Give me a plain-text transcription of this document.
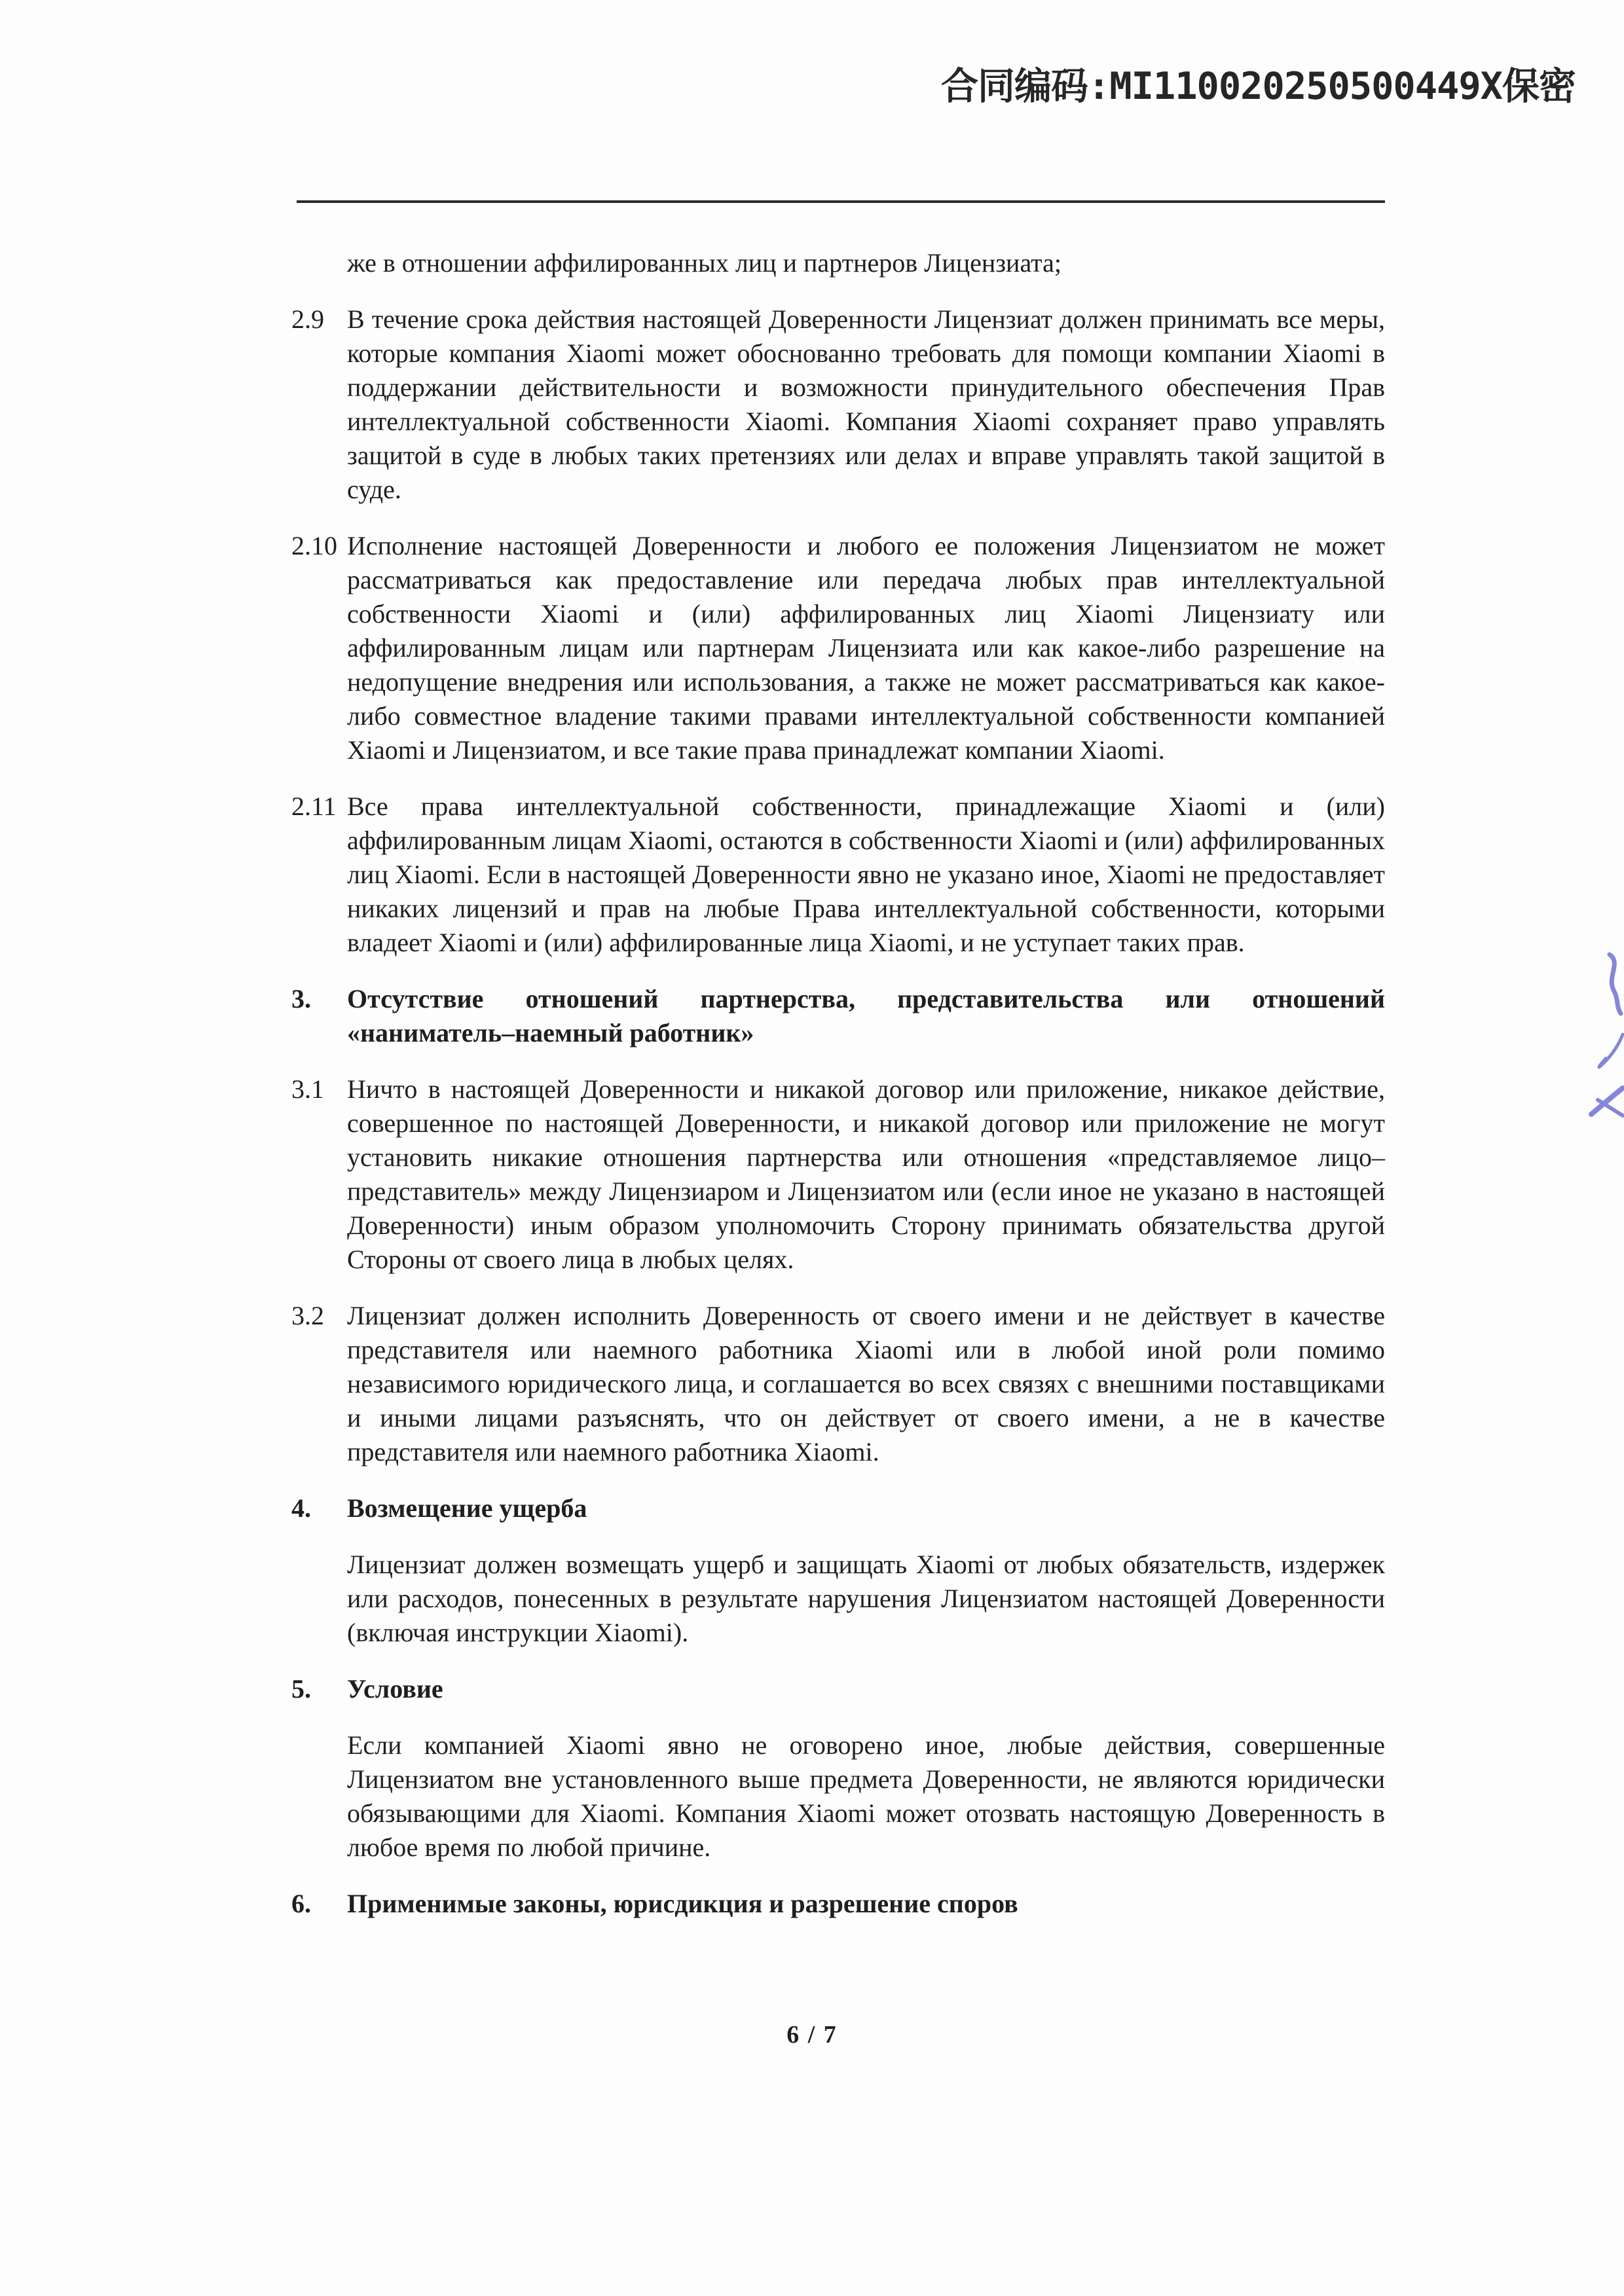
合同编码:MI110020250500449X保密

же в отношении аффилированных лиц и партнеров Лицензиата;

2.9 В течение срока действия настоящей Доверенности Лицензиат должен принимать все меры, которые компания Xiaomi может обоснованно требовать для помощи компании Xiaomi в поддержании действительности и возможности принудительного обеспечения Прав интеллектуальной собственности Xiaomi. Компания Xiaomi сохраняет право управлять защитой в суде в любых таких претензиях или делах и вправе управлять такой защитой в суде.

2.10 Исполнение настоящей Доверенности и любого ее положения Лицензиатом не может рассматриваться как предоставление или передача любых прав интеллектуальной собственности Xiaomi и (или) аффилированных лиц Xiaomi Лицензиату или аффилированным лицам или партнерам Лицензиата или как какое-либо разрешение на недопущение внедрения или использования, а также не может рассматриваться как какое-либо совместное владение такими правами интеллектуальной собственности компанией Xiaomi и Лицензиатом, и все такие права принадлежат компании Xiaomi.

2.11 Все права интеллектуальной собственности, принадлежащие Xiaomi и (или) аффилированным лицам Xiaomi, остаются в собственности Xiaomi и (или) аффилированных лиц Xiaomi. Если в настоящей Доверенности явно не указано иное, Xiaomi не предоставляет никаких лицензий и прав на любые Права интеллектуальной собственности, которыми владеет Xiaomi и (или) аффилированные лица Xiaomi, и не уступает таких прав.

3.	Отсутствие отношений партнерства, представительства или отношений
«наниматель–наемный работник»
3.1 Ничто в настоящей Доверенности и никакой договор или приложение, никакое действие, совершенное по настоящей Доверенности, и никакой договор или приложение не могут установить никакие отношения партнерства или отношения «представляемое лицо–представитель» между Лицензиаром и Лицензиатом или (если иное не указано в настоящей Доверенности) иным образом уполномочить Сторону принимать обязательства другой Стороны от своего лица в любых целях.

3.2 Лицензиат должен исполнить Доверенность от своего имени и не действует в качестве представителя или наемного работника Xiaomi или в любой иной роли помимо независимого юридического лица, и соглашается во всех связях с внешними поставщиками и иными лицами разъяснять, что он действует от своего имени, а не в качестве представителя или наемного работника Xiaomi.

4.	Возмещение ущерба

Лицензиат должен возмещать ущерб и защищать Xiaomi от любых обязательств, издержек или расходов, понесенных в результате нарушения Лицензиатом настоящей Доверенности (включая инструкции Xiaomi).

5.	Условие

Если компанией Xiaomi явно не оговорено иное, любые действия, совершенные Лицензиатом вне установленного выше предмета Доверенности, не являются юридически обязывающими для Xiaomi. Компания Xiaomi может отозвать настоящую Доверенность в любое время по любой причине.

6.	Применимые законы, юрисдикция и разрешение споров

6 / 7
